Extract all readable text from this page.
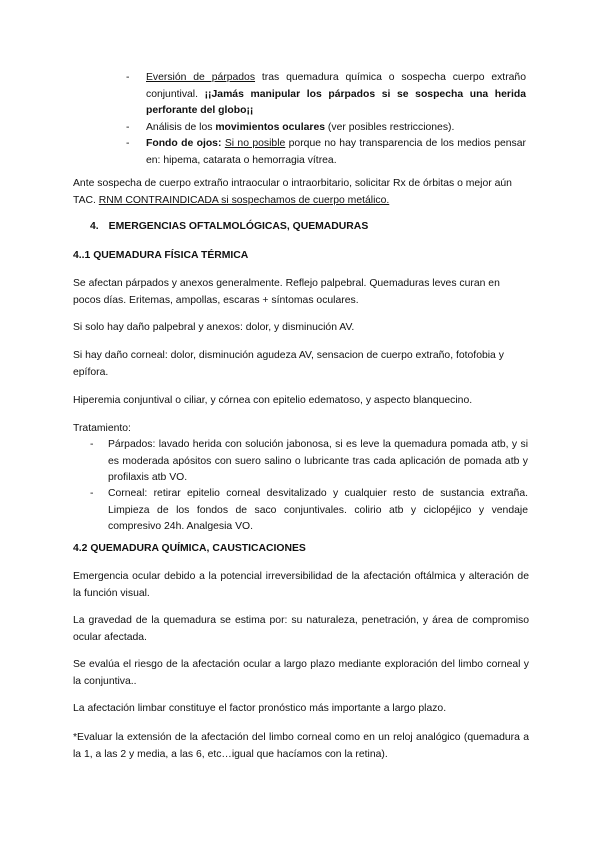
- Eversión de párpados tras quemadura química o sospecha cuerpo extraño conjuntival. ¡¡Jamás manipular los párpados si se sospecha una herida perforante del globo¡¡

- Análisis de los movimientos oculares (ver posibles restricciones).

- Fondo de ojos: Si no posible porque no hay transparencia de los medios pensar en: hipema, catarata o hemorragia vítrea.

Ante sospecha de cuerpo extraño intraocular o intraorbitario, solicitar Rx de órbitas o mejor aún TAC. RNM CONTRAINDICADA si sospechamos de cuerpo metálico.

4. EMERGENCIAS OFTALMOLÓGICAS, QUEMADURAS
4..1 QUEMADURA FÍSICA TÉRMICA

Se afectan párpados y anexos generalmente. Reflejo palpebral. Quemaduras leves curan en pocos días. Eritemas, ampollas, escaras + síntomas oculares.

Si solo hay daño palpebral y anexos: dolor, y disminución AV.

Si hay daño corneal: dolor, disminución agudeza AV, sensacion de cuerpo extraño, fotofobia y epífora.

Hiperemia conjuntival o ciliar, y córnea con epitelio edematoso, y aspecto blanquecino.

Tratamiento:

- Párpados: lavado herida con solución jabonosa, si es leve la quemadura pomada atb, y si es moderada apósitos con suero salino o lubricante tras cada aplicación de pomada atb y profilaxis atb VO.

- Corneal: retirar epitelio corneal desvitalizado y cualquier resto de sustancia extraña. Limpieza de los fondos de saco conjuntivales. colirio atb y ciclopéjico y vendaje compresivo 24h. Analgesia VO.

4.2 QUEMADURA QUÍMICA, CAUSTICACIONES

Emergencia ocular debido a la potencial irreversibilidad de la afectación oftálmica y alteración de la función visual.

La gravedad de la quemadura se estima por: su naturaleza, penetración, y área de compromiso ocular afectada.

Se evalúa el riesgo de la afectación ocular a largo plazo mediante exploración del limbo corneal y la conjuntiva..

La afectación limbar constituye el factor pronóstico más importante a largo plazo.

*Evaluar la extensión de la afectación del limbo corneal como en un reloj analógico (quemadura a la 1, a las 2 y media, a las 6, etc…igual que hacíamos con la retina).
